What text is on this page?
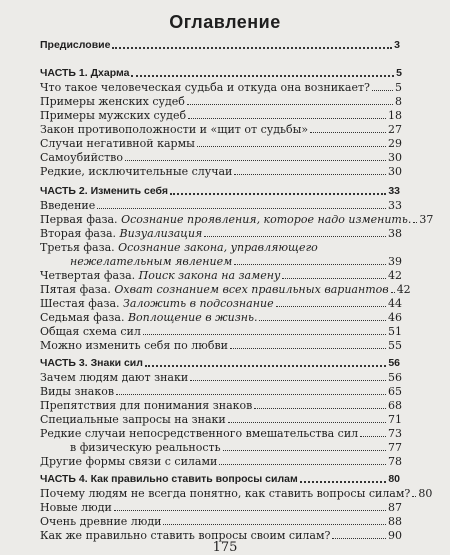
Оглавление
Предисловие	3
ЧАСТЬ 1. Дхарма	5
Что такое человеческая судьба и откуда она возникает? 5
Примеры женских судеб	8
Примеры мужских судеб	18
Закон противоположности и «щит от судьбы»	27
Случаи негативной кармы	29
Самоубийство	30
Редкие, исключительные случаи	30
ЧАСТЬ 2. Изменить себя	33
Введение	33
Первая фаза. Осознание проявления, которое надо изменить. 37
Вторая фаза. Визуализация	38
Третья фаза. Осознание закона, управляющего
нежелательным явлением	39
Четвертая фаза. Поиск закона на замену	42
Пятая фаза. Охват сознанием всех правильных вариантов 42
Шестая фаза. Заложить в подсознание	44
Седьмая фаза. Воплощение в жизнь.	46
Общая схема сил	51
Можно изменить себя по любви	55
ЧАСТЬ 3. Знаки сил	56
Зачем людям дают знаки	56
Виды знаков	65
Препятствия для понимания знаков	68
Специальные запросы на знаки	71
Редкие случаи непосредственного вмешательства сил	73
в физическую реальность	77
Другие формы связи с силами	78
ЧАСТЬ 4. Как правильно ставить вопросы силам	80
Почему людям не всегда понятно, как ставить вопросы силам? 80
Новые люди	87
Очень древние люди	88
Как же правильно ставить вопросы своим силам?	90
175
